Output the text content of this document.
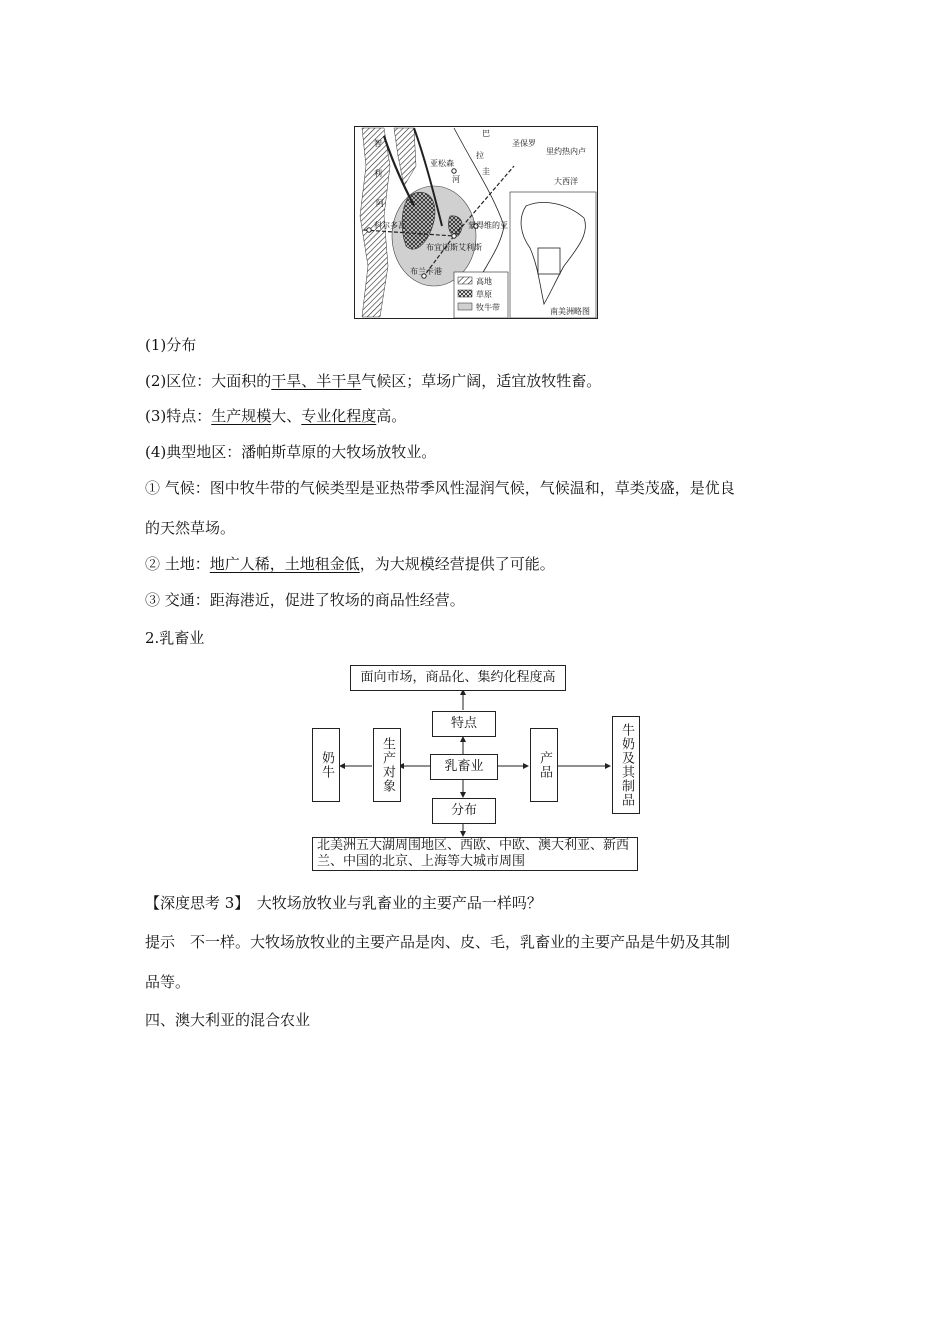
巴
拉
圭
亚松森
河
圣保罗
里约热内卢
大西洋
科尔多瓦	蒙得维的亚
布宜诺斯艾利斯
布兰卡港
智
利
阿
高地
草原
牧牛带	南美洲略图
(1)分布
(2)区位：大面积的干旱、半干旱气候区；草场广阔，适宜放牧牲畜。
(3)特点：生产规模大、专业化程度高。
(4)典型地区：潘帕斯草原的大牧场放牧业。
① 气候：图中牧牛带的气候类型是亚热带季风性湿润气候，气候温和，草类茂盛，是优良
的天然草场。
② 土地：地广人稀，土地租金低，为大规模经营提供了可能。
③ 交通：距海港近，促进了牧场的商品性经营。
2.乳畜业
面向市场，商品化、集约化程度高
特点
乳畜业
分布
生产对象
奶牛	产品	牛奶及其制品
北美洲五大湖周围地区、西欧、中欧、澳大利亚、新西兰、中国的北京、上海等大城市周围
【深度思考 3】　大牧场放牧业与乳畜业的主要产品一样吗？
提示　不一样。大牧场放牧业的主要产品是肉、皮、毛，乳畜业的主要产品是牛奶及其制
品等。
四、澳大利亚的混合农业
